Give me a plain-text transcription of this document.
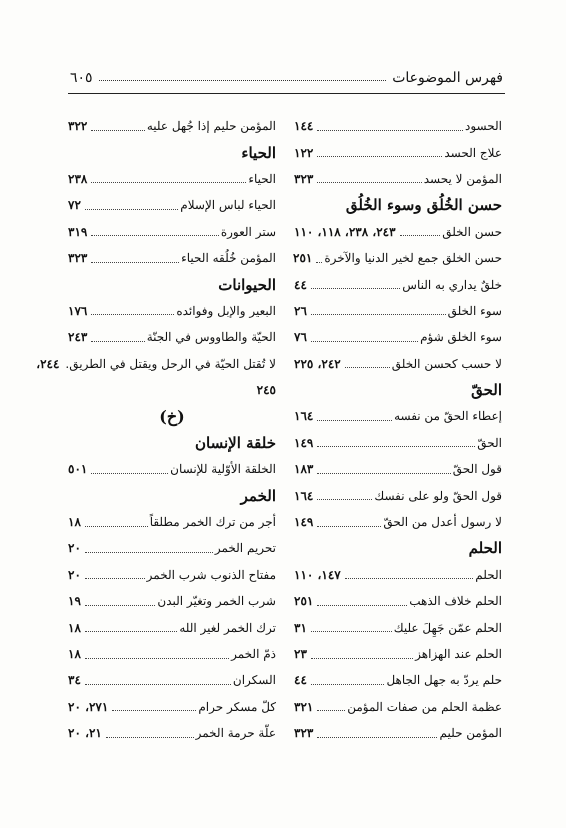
فهرس الموضوعات
٦٠٥
الحسود
١٤٤
علاج الحسد
١٢٢
المؤمن لا يحسد
٣٢٣
حسن الخُلُق وسوء الخُلُق
حسن الخلق
٢٤٣، ٢٣٨، ١١٨، ١١٠
حسن الخلق جمع لخير الدنيا والآخرة
٢٥١
خلقٌ يداري به الناس
٤٤
سوء الخلق
٢٦
سوء الخلق شؤم
٧٦
لا حسب كحسن الخلق
٢٤٢، ٢٢٥
الحقّ
إعطاء الحقّ من نفسه
١٦٤
الحقّ
١٤٩
قول الحقّ
١٨٣
قول الحقّ ولو على نفسك
١٦٤
لا رسول أعدل من الحقّ
١٤٩
الحلم
الحلم
١٤٧، ١١٠
الحلم خلاف الذهب
٢٥١
الحلم عمّن جَهِلَ عليك
٣١
الحلم عند الهزاهز
٢٣
حلم يردّ به جهل الجاهل
٤٤
عظمة الحلم من صفات المؤمن
٣٢١
المؤمن حليم
٣٢٣
المؤمن حليم إذا جُهل عليه
٣٢٢
الحياء
الحياء
٢٣٨
الحياء لباس الإسلام
٧٢
ستر العورة
٣١٩
المؤمن خُلُقه الحياء
٣٢٣
الحيوانات
البعير والإبل وفوائده
١٧٦
الحيّة والطاووس في الجنّة
٢٤٣
لا تُقتل الحيّة في الرحل ويقتل في الطريق.
٢٤٤،
٢٤٥
(خ)
خلقة الإنسان
الخلقة الأوّلية للإنسان
٥٠١
الخمر
أجر من ترك الخمر مطلقاً
١٨
تحريم الخمر
٢٠
مفتاح الذنوب شرب الخمر
٢٠
شرب الخمر وتغيّر البدن
١٩
ترك الخمر لغير الله
١٨
ذمّ الخمر
١٨
السكران
٣٤
كلّ مسكر حرام
٢٧١، ٢٠
علّة حرمة الخمر
٢١، ٢٠
